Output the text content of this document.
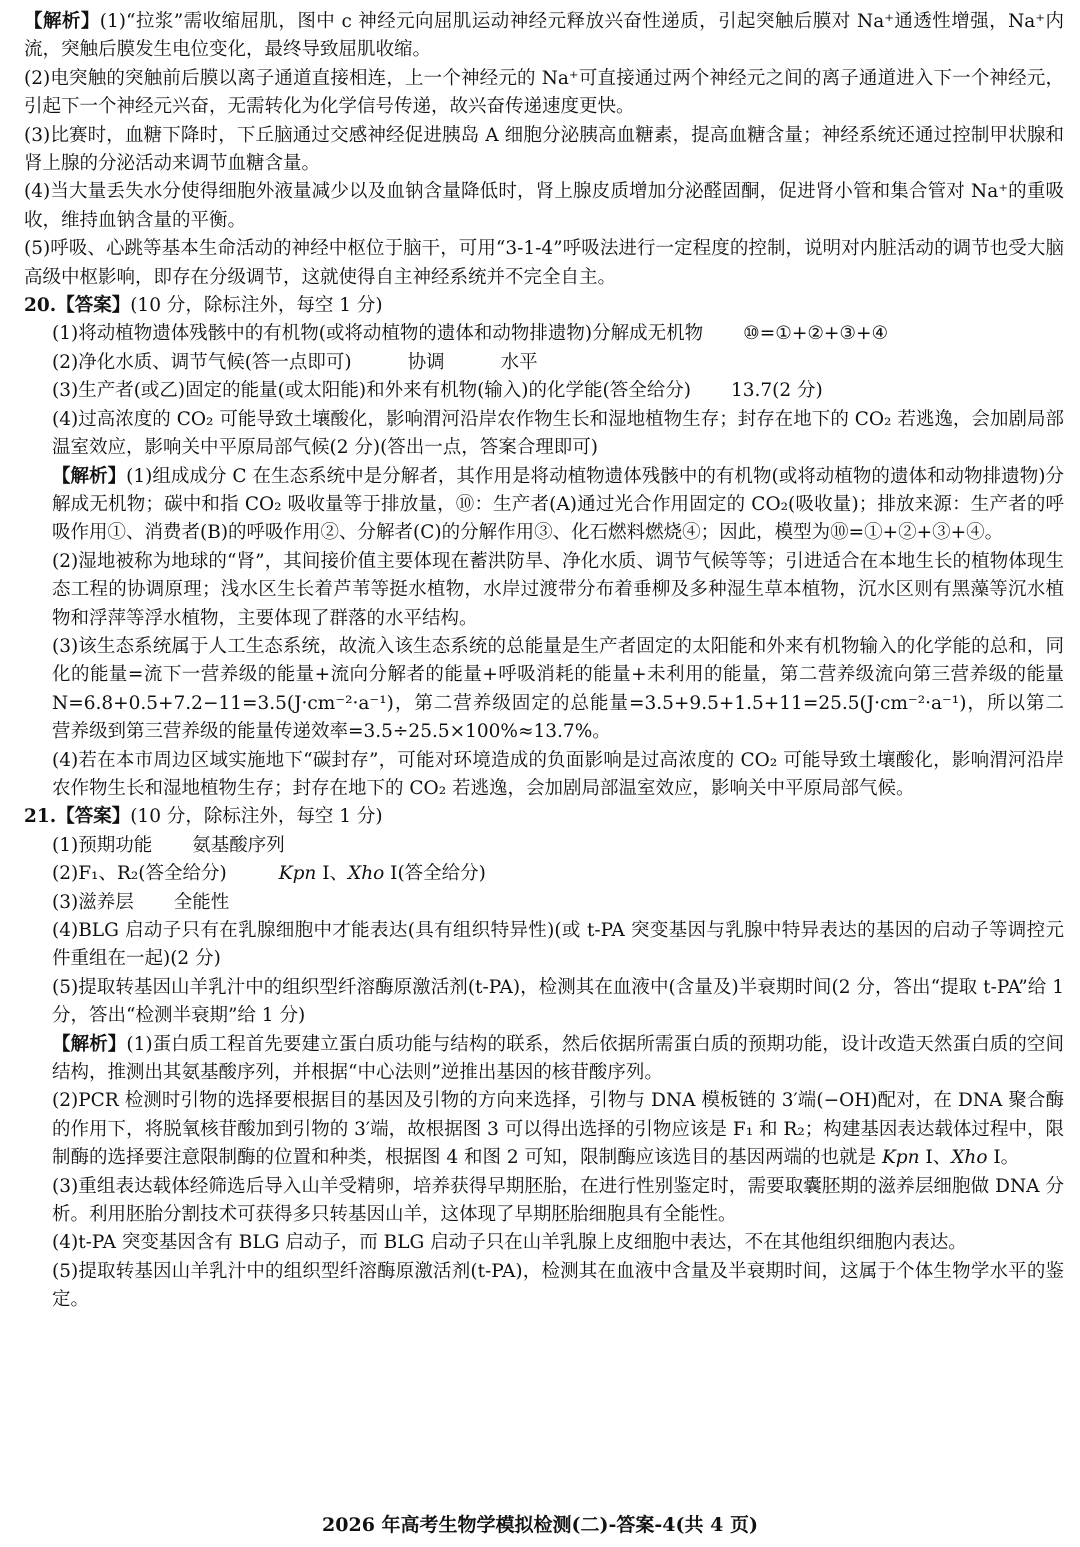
【解析】(1)“拉浆”需收缩屈肌，图中 c 神经元向屈肌运动神经元释放兴奋性递质，引起突触后膜对 Na⁺通透性增强，Na⁺内流，突触后膜发生电位变化，最终导致屈肌收缩。

(2)电突触的突触前后膜以离子通道直接相连，上一个神经元的 Na⁺可直接通过两个神经元之间的离子通道进入下一个神经元，引起下一个神经元兴奋，无需转化为化学信号传递，故兴奋传递速度更快。

(3)比赛时，血糖下降时，下丘脑通过交感神经促进胰岛 A 细胞分泌胰高血糖素，提高血糖含量；神经系统还通过控制甲状腺和肾上腺的分泌活动来调节血糖含量。

(4)当大量丢失水分使得细胞外液量减少以及血钠含量降低时，肾上腺皮质增加分泌醛固酮，促进肾小管和集合管对 Na⁺的重吸收，维持血钠含量的平衡。

(5)呼吸、心跳等基本生命活动的神经中枢位于脑干，可用“3-1-4”呼吸法进行一定程度的控制，说明对内脏活动的调节也受大脑高级中枢影响，即存在分级调节，这就使得自主神经系统并不完全自主。

20.【答案】(10 分，除标注外，每空 1 分)

(1)将动植物遗体残骸中的有机物(或将动植物的遗体和动物排遗物)分解成无机物 ⑩=①+②+③+④

(2)净化水质、调节气候(答一点即可)	协调	水平

(3)生产者(或乙)固定的能量(或太阳能)和外来有机物(输入)的化学能(答全给分) 13.7(2 分)

(4)过高浓度的 CO₂ 可能导致土壤酸化，影响渭河沿岸农作物生长和湿地植物生存；封存在地下的 CO₂ 若逃逸，会加剧局部温室效应，影响关中平原局部气候(2 分)(答出一点，答案合理即可)

【解析】(1)组成成分 C 在生态系统中是分解者，其作用是将动植物遗体残骸中的有机物(或将动植物的遗体和动物排遗物)分解成无机物；碳中和指 CO₂ 吸收量等于排放量，⑩：生产者(A)通过光合作用固定的 CO₂(吸收量)；排放来源：生产者的呼吸作用①、消费者(B)的呼吸作用②、分解者(C)的分解作用③、化石燃料燃烧④；因此，模型为⑩=①+②+③+④。

(2)湿地被称为地球的“肾”，其间接价值主要体现在蓄洪防旱、净化水质、调节气候等等；引进适合在本地生长的植物体现生态工程的协调原理；浅水区生长着芦苇等挺水植物，水岸过渡带分布着垂柳及多种湿生草本植物，沉水区则有黑藻等沉水植物和浮萍等浮水植物，主要体现了群落的水平结构。

(3)该生态系统属于人工生态系统，故流入该生态系统的总能量是生产者固定的太阳能和外来有机物输入的化学能的总和，同化的能量=流下一营养级的能量+流向分解者的能量+呼吸消耗的能量+未利用的能量，第二营养级流向第三营养级的能量 N=6.8+0.5+7.2−11=3.5(J·cm⁻²·a⁻¹)，第二营养级固定的总能量=3.5+9.5+1.5+11=25.5(J·cm⁻²·a⁻¹)，所以第二营养级到第三营养级的能量传递效率=3.5÷25.5×100%≈13.7%。

(4)若在本市周边区域实施地下“碳封存”，可能对环境造成的负面影响是过高浓度的 CO₂ 可能导致土壤酸化，影响渭河沿岸农作物生长和湿地植物生存；封存在地下的 CO₂ 若逃逸，会加剧局部温室效应，影响关中平原局部气候。

21.【答案】(10 分，除标注外，每空 1 分)

(1)预期功能 氨基酸序列

(2)F₁、R₂(答全给分)	Kpn Ⅰ、Xho Ⅰ(答全给分)

(3)滋养层 全能性

(4)BLG 启动子只有在乳腺细胞中才能表达(具有组织特异性)(或 t-PA 突变基因与乳腺中特异表达的基因的启动子等调控元件重组在一起)(2 分)

(5)提取转基因山羊乳汁中的组织型纤溶酶原激活剂(t-PA)，检测其在血液中(含量及)半衰期时间(2 分，答出“提取 t-PA”给 1 分，答出“检测半衰期”给 1 分)

【解析】(1)蛋白质工程首先要建立蛋白质功能与结构的联系，然后依据所需蛋白质的预期功能，设计改造天然蛋白质的空间结构，推测出其氨基酸序列，并根据“中心法则”逆推出基因的核苷酸序列。

(2)PCR 检测时引物的选择要根据目的基因及引物的方向来选择，引物与 DNA 模板链的 3′端(−OH)配对，在 DNA 聚合酶的作用下，将脱氧核苷酸加到引物的 3′端，故根据图 3 可以得出选择的引物应该是 F₁ 和 R₂；构建基因表达载体过程中，限制酶的选择要注意限制酶的位置和种类，根据图 4 和图 2 可知，限制酶应该选目的基因两端的也就是 Kpn Ⅰ、Xho Ⅰ。

(3)重组表达载体经筛选后导入山羊受精卵，培养获得早期胚胎，在进行性别鉴定时，需要取囊胚期的滋养层细胞做 DNA 分析。利用胚胎分割技术可获得多只转基因山羊，这体现了早期胚胎细胞具有全能性。

(4)t-PA 突变基因含有 BLG 启动子，而 BLG 启动子只在山羊乳腺上皮细胞中表达，不在其他组织细胞内表达。

(5)提取转基因山羊乳汁中的组织型纤溶酶原激活剂(t-PA)，检测其在血液中含量及半衰期时间，这属于个体生物学水平的鉴定。

2026 年高考生物学模拟检测(二)-答案-4(共 4 页)
